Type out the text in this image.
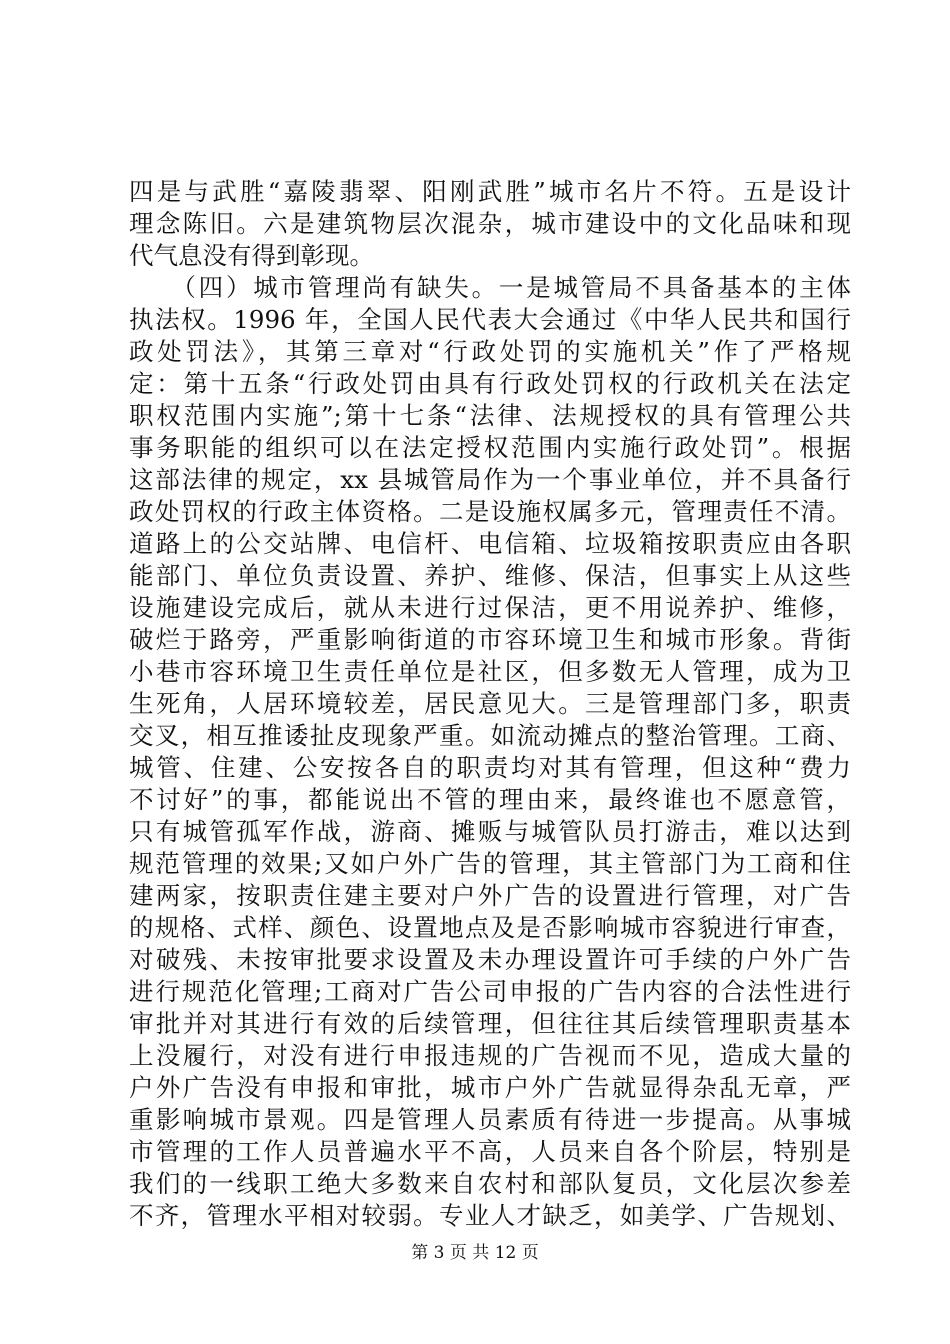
四是与武胜“嘉陵翡翠、阳刚武胜”城市名片不符。五是设计
理念陈旧。六是建筑物层次混杂，城市建设中的文化品味和现
代气息没有得到彰现。
　　（四）城市管理尚有缺失。一是城管局不具备基本的主体
执法权。1996 年，全国人民代表大会通过《中华人民共和国行
政处罚法》，其第三章对“行政处罚的实施机关”作了严格规
定：第十五条“行政处罚由具有行政处罚权的行政机关在法定
职权范围内实施”;第十七条“法律、法规授权的具有管理公共
事务职能的组织可以在法定授权范围内实施行政处罚”。根据
这部法律的规定，xx 县城管局作为一个事业单位，并不具备行
政处罚权的行政主体资格。二是设施权属多元，管理责任不清。
道路上的公交站牌、电信杆、电信箱、垃圾箱按职责应由各职
能部门、单位负责设置、养护、维修、保洁，但事实上从这些
设施建设完成后，就从未进行过保洁，更不用说养护、维修，
破烂于路旁，严重影响街道的市容环境卫生和城市形象。背街
小巷市容环境卫生责任单位是社区，但多数无人管理，成为卫
生死角，人居环境较差，居民意见大。三是管理部门多，职责
交叉，相互推诿扯皮现象严重。如流动摊点的整治管理。工商、
城管、住建、公安按各自的职责均对其有管理，但这种“费力
不讨好”的事，都能说出不管的理由来，最终谁也不愿意管，
只有城管孤军作战，游商、摊贩与城管队员打游击，难以达到
规范管理的效果;又如户外广告的管理，其主管部门为工商和住
建两家，按职责住建主要对户外广告的设置进行管理，对广告
的规格、式样、颜色、设置地点及是否影响城市容貌进行审查，
对破残、未按审批要求设置及未办理设置许可手续的户外广告
进行规范化管理;工商对广告公司申报的广告内容的合法性进行
审批并对其进行有效的后续管理，但往往其后续管理职责基本
上没履行，对没有进行申报违规的广告视而不见，造成大量的
户外广告没有申报和审批，城市户外广告就显得杂乱无章，严
重影响城市景观。四是管理人员素质有待进一步提高。从事城
市管理的工作人员普遍水平不高，人员来自各个阶层，特别是
我们的一线职工绝大多数来自农村和部队复员，文化层次参差
不齐，管理水平相对较弱。专业人才缺乏，如美学、广告规划、
第 3 页 共 12 页
